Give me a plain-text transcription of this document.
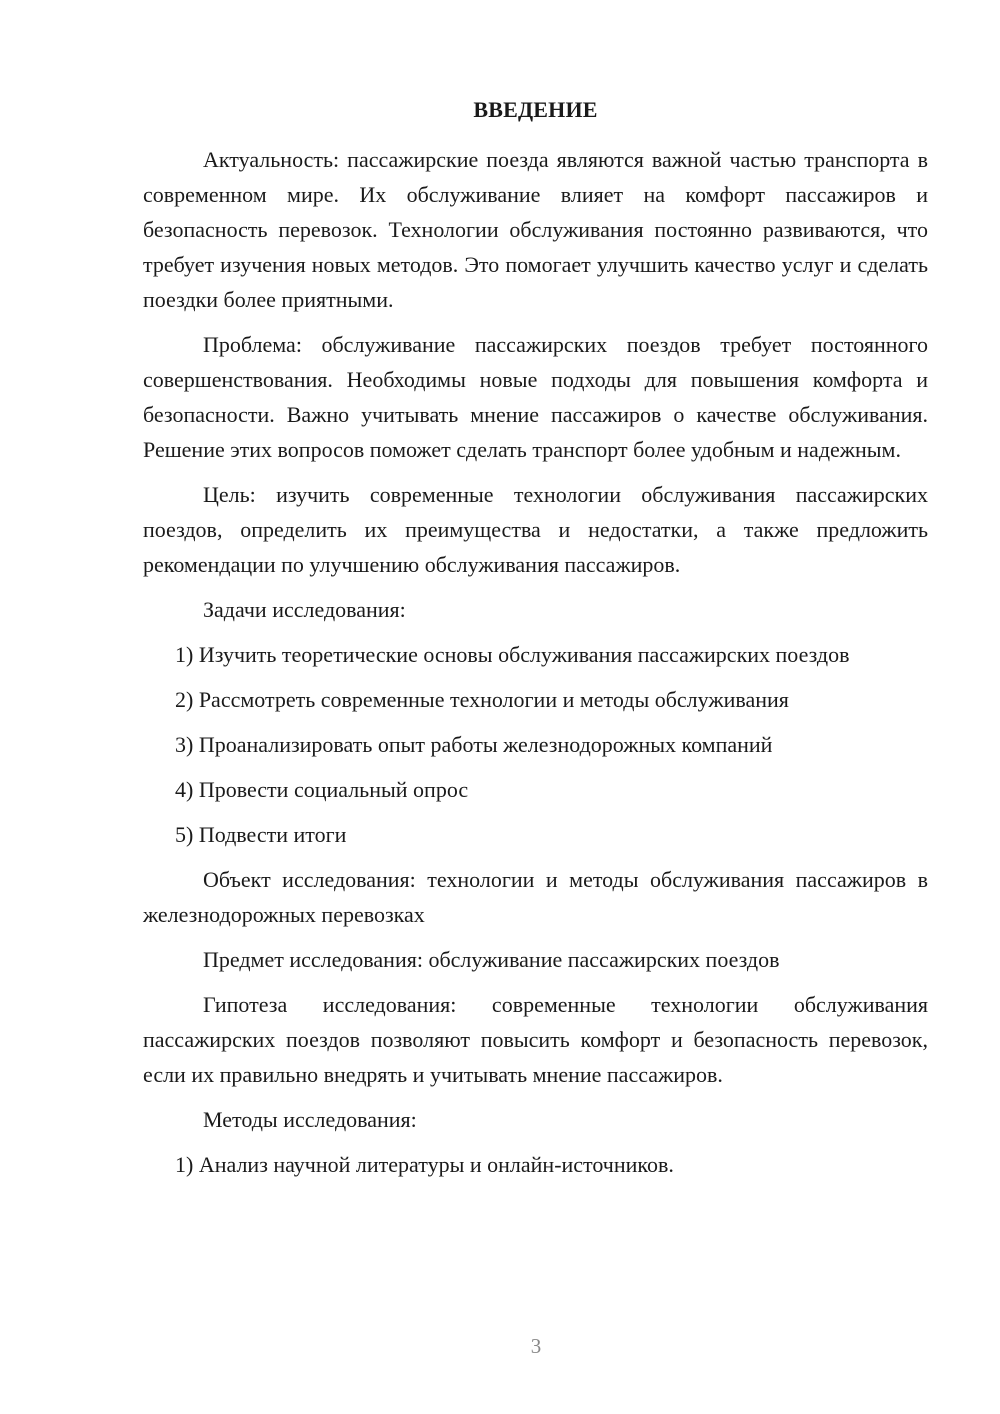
ВВЕДЕНИЕ

Актуальность: пассажирские поезда являются важной частью транспорта в современном мире. Их обслуживание влияет на комфорт пассажиров и безопасность перевозок. Технологии обслуживания постоянно развиваются, что требует изучения новых методов. Это помогает улучшить качество услуг и сделать поездки более приятными.

Проблема: обслуживание пассажирских поездов требует постоянного совершенствования. Необходимы новые подходы для повышения комфорта и безопасности. Важно учитывать мнение пассажиров о качестве обслуживания. Решение этих вопросов поможет сделать транспорт более удобным и надежным.

Цель: изучить современные технологии обслуживания пассажирских поездов, определить их преимущества и недостатки, а также предложить рекомендации по улучшению обслуживания пассажиров.

Задачи исследования:

1) Изучить теоретические основы обслуживания пассажирских поездов

2) Рассмотреть современные технологии и методы обслуживания

3) Проанализировать опыт работы железнодорожных компаний

4) Провести социальный опрос

5) Подвести итоги

Объект исследования: технологии и методы обслуживания пассажиров в железнодорожных перевозках

Предмет исследования: обслуживание пассажирских поездов

Гипотеза исследования: современные технологии обслуживания пассажирских поездов позволяют повысить комфорт и безопасность перевозок, если их правильно внедрять и учитывать мнение пассажиров.

Методы исследования:

1) Анализ научной литературы и онлайн-источников.

3
